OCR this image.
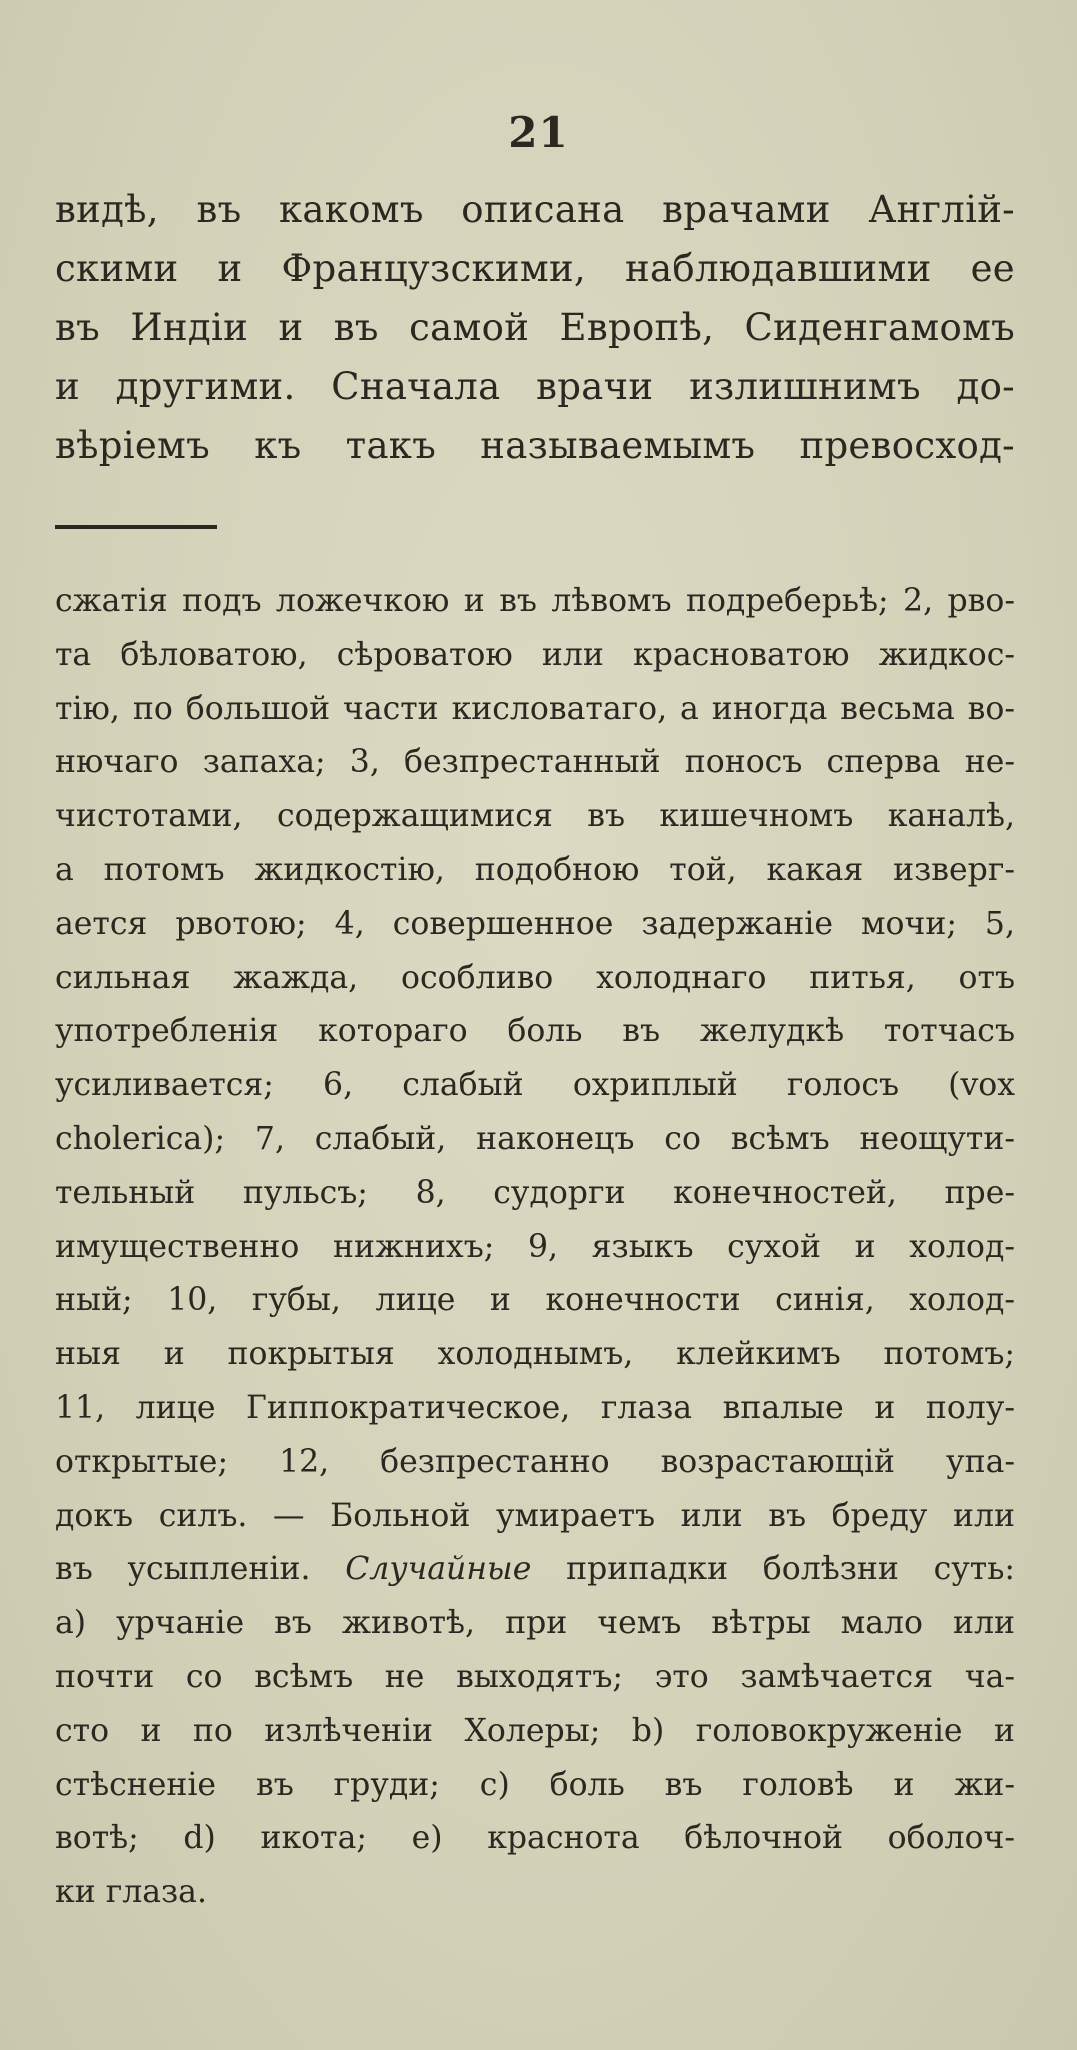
21
видѣ, въ какомъ описана врачами Англій-
скими и Французскими, наблюдавшими ее
въ Индіи и въ самой Европѣ, Сиденгамомъ
и другими. Сначала врачи излишнимъ до-
вѣріемъ къ такъ называемымъ превосход-
сжатія подъ ложечкою и въ лѣвомъ подреберьѣ; 2, рво-
та бѣловатою, сѣроватою или красноватою жидкос-
тію, по большой части кисловатаго, а иногда весьма во-
нючаго запаха; 3, безпрестанный поносъ сперва не-
чистотами, содержащимися въ кишечномъ каналѣ,
а потомъ жидкостію, подобною той, какая изверг-
ается рвотою; 4, совершенное задержаніе мочи; 5,
сильная жажда, особливо холоднаго питья, отъ
употребленія котораго боль въ желудкѣ тотчасъ
усиливается; 6, слабый охриплый голосъ (vox
cholerica); 7, слабый, наконецъ со всѣмъ неощути-
тельный пульсъ; 8, судорги конечностей, пре-
имущественно нижнихъ; 9, языкъ сухой и холод-
ный; 10, губы, лице и конечности синія, холод-
ныя и покрытыя холоднымъ, клейкимъ потомъ;
11, лице Гиппократическое, глаза впалые и полу-
открытые; 12, безпрестанно возрастающій упа-
докъ силъ. — Больной умираетъ или въ бреду или
въ усыпленіи. Случайные припадки болѣзни суть:
а) урчаніе въ животѣ, при чемъ вѣтры мало или
почти со всѣмъ не выходятъ; это замѣчается ча-
сто и по излѣченіи Холеры; b) головокруженіе и
стѣсненіе въ груди; с) боль въ головѣ и жи-
вотѣ; d) икота; е) краснота бѣлочной оболоч-
ки глаза.
